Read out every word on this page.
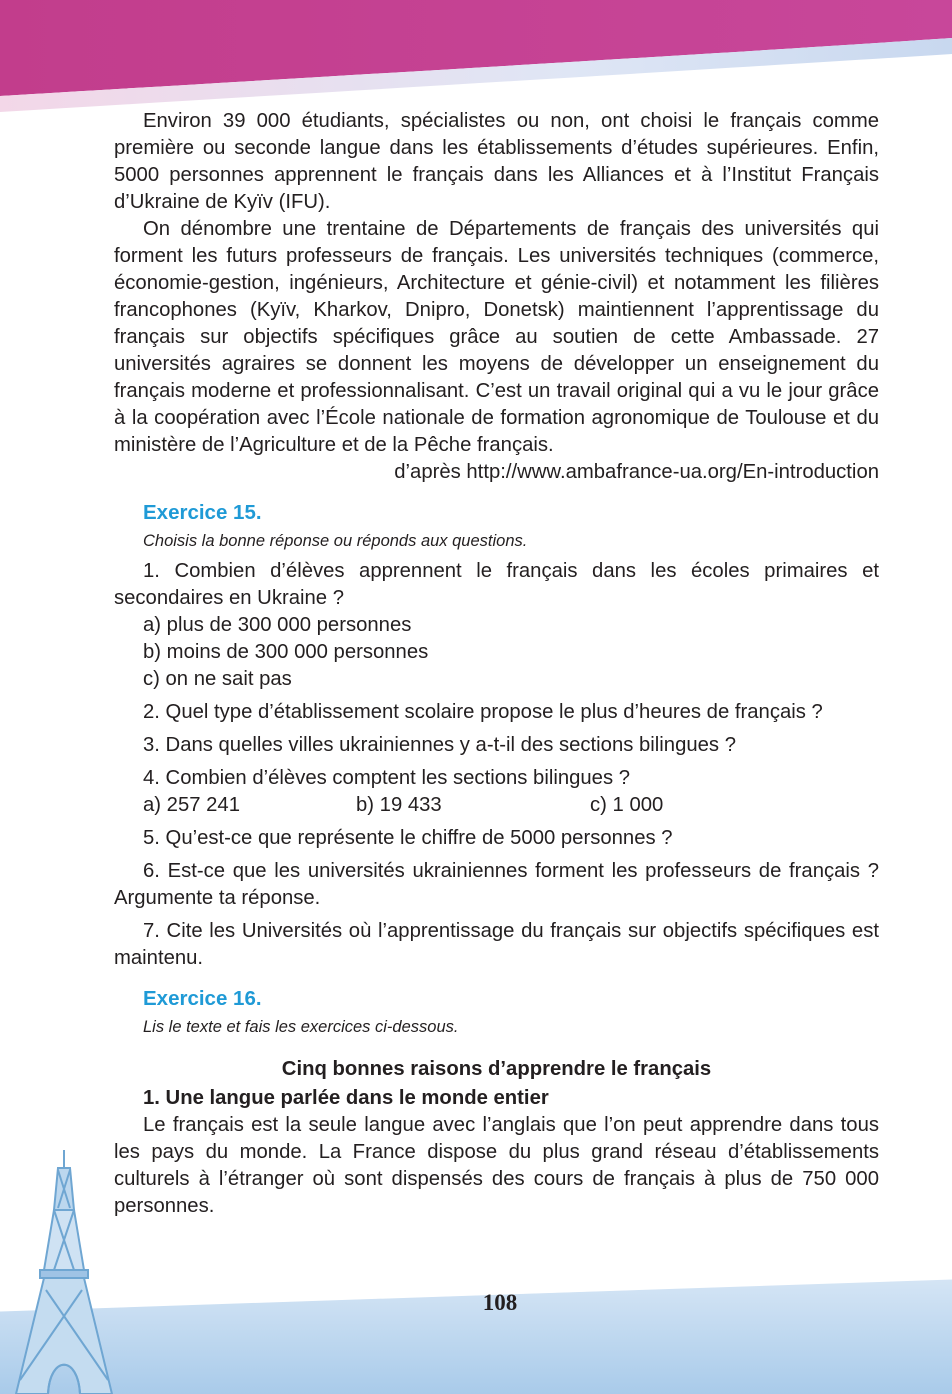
Environ 39 000 étudiants, spécialistes ou non, ont choisi le français comme première ou seconde langue dans les établissements d’études supérieures. Enfin, 5000 personnes apprennent le français dans les Alliances et à l’Institut Français d’Ukraine de Kyïv (IFU).

On dénombre une trentaine de Départements de français des universités qui forment les futurs professeurs de français. Les universités techniques (commerce, économie-gestion, ingénieurs, Architecture et génie-civil) et notamment les filières francophones (Kyïv, Kharkov, Dnipro, Donetsk) maintiennent l’apprentissage du français sur objectifs spécifiques grâce au soutien de cette Ambassade. 27 universités agraires se donnent les moyens de développer un enseignement du français moderne et professionnalisant. C’est un travail original qui a vu le jour grâce à la coopération avec l’École nationale de formation agronomique de Toulouse et du ministère de l’Agriculture et de la Pêche français.

d’après http://www.ambafrance-ua.org/En-introduction

Exercice 15.

Choisis la bonne réponse ou réponds aux questions.

1. Combien d’élèves apprennent le français dans les écoles primaires et secondaires en Ukraine ?

a) plus de 300 000 personnes

b) moins de 300 000 personnes

c) on ne sait pas

2. Quel type d’établissement scolaire propose le plus d’heures de français ?

3. Dans quelles villes ukrainiennes y a-t-il des sections bilingues ?

4. Combien d’élèves comptent les sections bilingues ?

a) 257 241	b) 19 433	c) 1 000

5. Qu’est-ce que représente le chiffre de 5000 personnes ?

6. Est-ce que les universités ukrainiennes forment les professeurs de français ? Argumente ta réponse.

7. Cite les Universités où l’apprentissage du français sur objectifs spécifiques est maintenu.

Exercice 16.

Lis le texte et fais les exercices ci-dessous.

Cinq bonnes raisons d’apprendre le français

1. Une langue parlée dans le monde entier

Le français est la seule langue avec l’anglais que l’on peut apprendre dans tous les pays du monde. La France dispose du plus grand réseau d’établissements culturels à l’étranger où sont dispensés des cours de français à plus de 750 000 personnes.

108
